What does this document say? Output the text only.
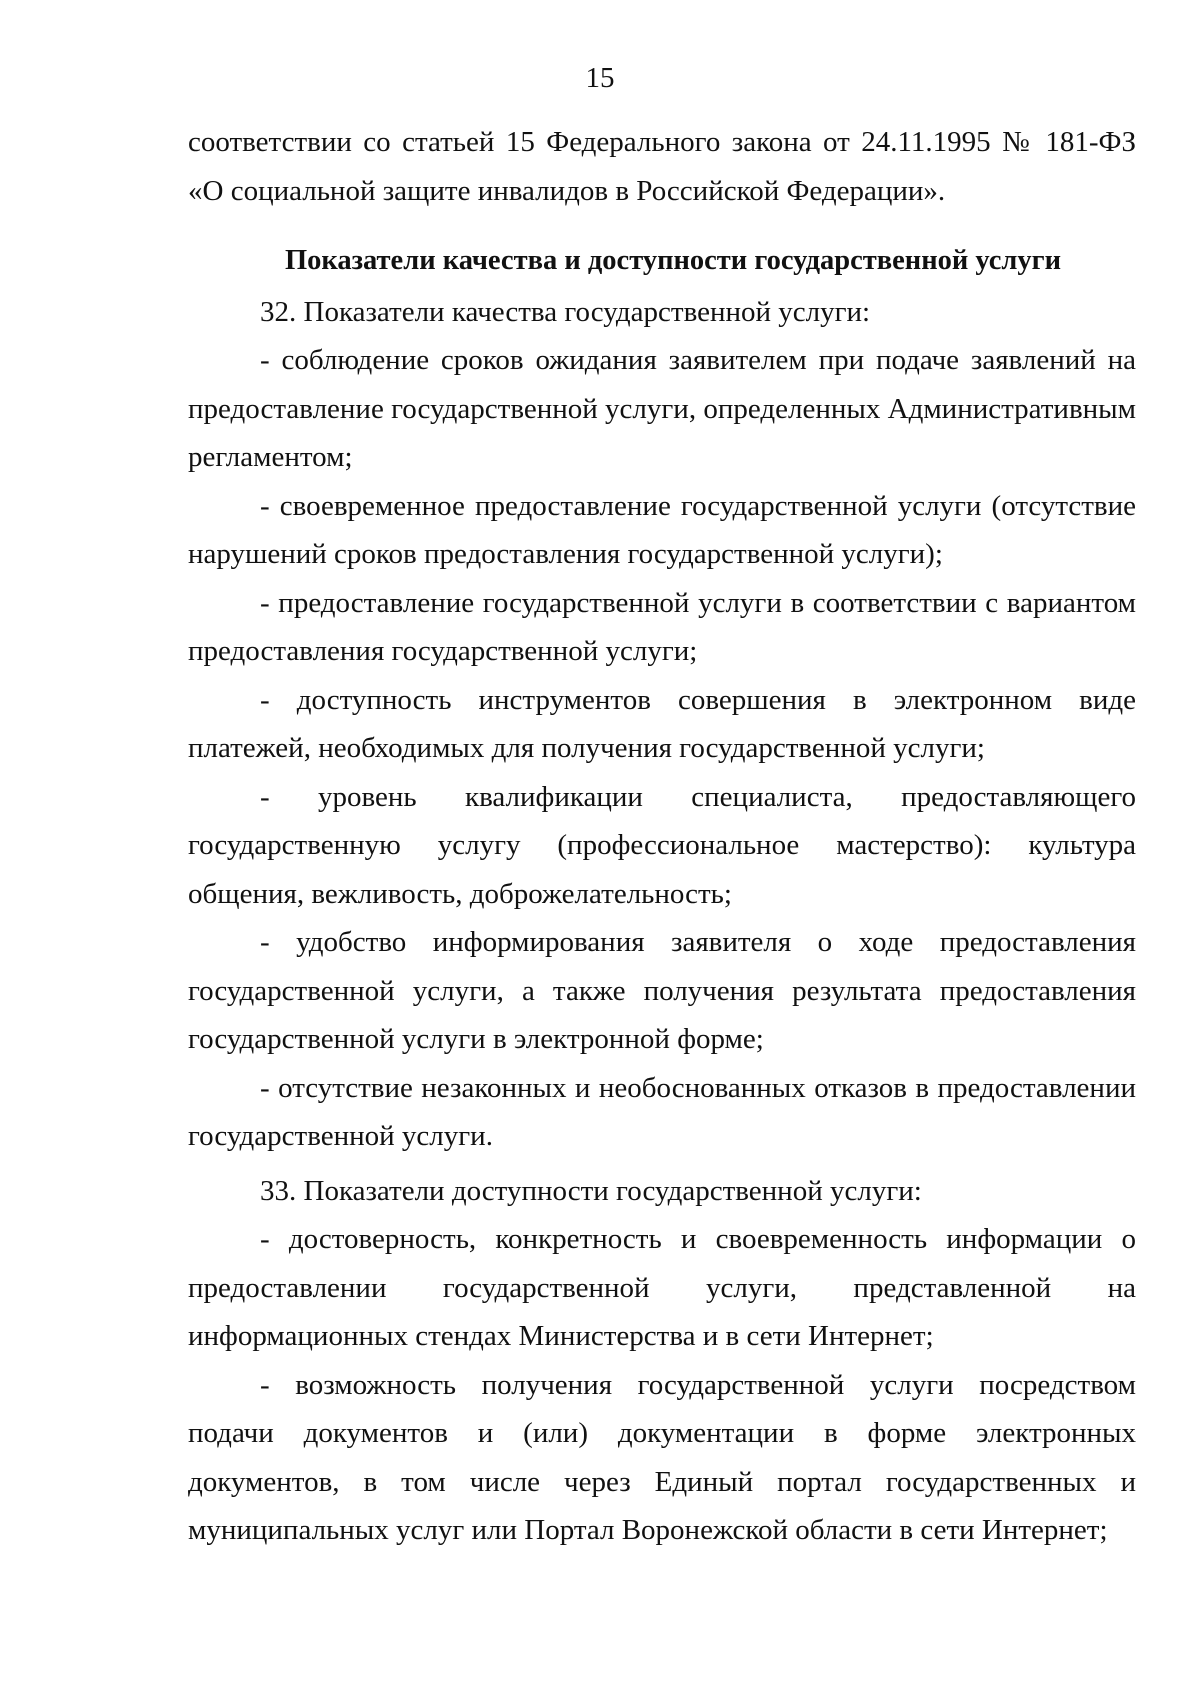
15

соответствии со статьей 15 Федерального закона от 24.11.1995 № 181-ФЗ «О социальной защите инвалидов в Российской Федерации».

Показатели качества и доступности государственной услуги

32. Показатели качества государственной услуги:

- соблюдение сроков ожидания заявителем при подаче заявлений на предоставление государственной услуги, определенных Административным регламентом;

- своевременное предоставление государственной услуги (отсутствие нарушений сроков предоставления государственной услуги);

- предоставление государственной услуги в соответствии с вариантом предоставления государственной услуги;

- доступность инструментов совершения в электронном виде платежей, необходимых для получения государственной услуги;

- уровень квалификации специалиста, предоставляющего государственную услугу (профессиональное мастерство): культура общения, вежливость, доброжелательность;

- удобство информирования заявителя о ходе предоставления государственной услуги, а также получения результата предоставления государственной услуги в электронной форме;

- отсутствие незаконных и необоснованных отказов в предоставлении государственной услуги.

33. Показатели доступности государственной услуги:

- достоверность, конкретность и своевременность информации о предоставлении государственной услуги, представленной на информационных стендах Министерства и в сети Интернет;

- возможность получения государственной услуги посредством подачи документов и (или) документации в форме электронных документов, в том числе через Единый портал государственных и муниципальных услуг или Портал Воронежской области в сети Интернет;
